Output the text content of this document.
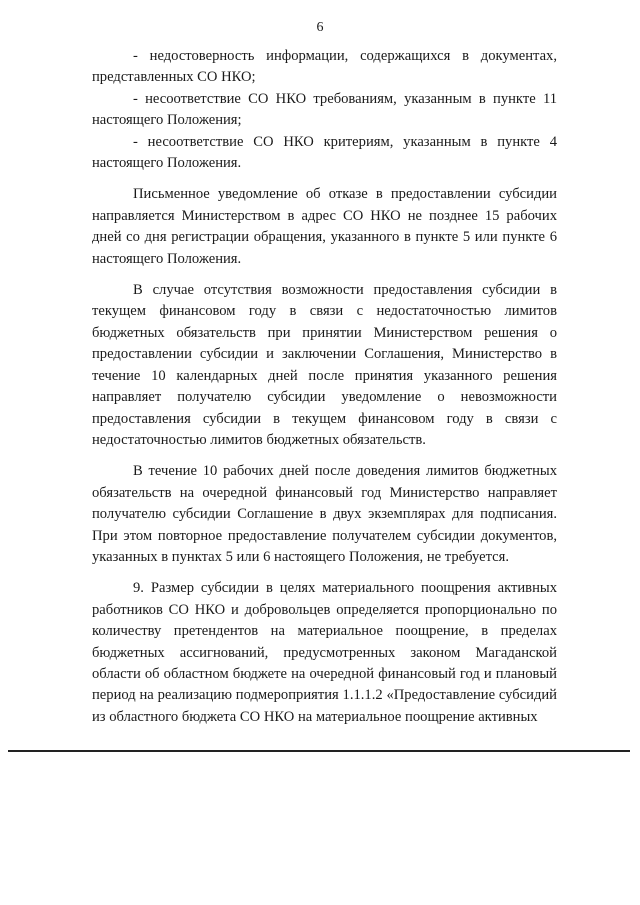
6

- недостоверность информации, содержащихся в документах, представленных СО НКО;

- несоответствие СО НКО требованиям, указанным в пункте 11 настоящего Положения;

- несоответствие СО НКО критериям, указанным в пункте 4 настоящего Положения.

Письменное уведомление об отказе в предоставлении субсидии направляется Министерством в адрес СО НКО не позднее 15 рабочих дней со дня регистрации обращения, указанного в пункте 5 или пункте 6 настоящего Положения.

В случае отсутствия возможности предоставления субсидии в текущем финансовом году в связи с недостаточностью лимитов бюджетных обязательств при принятии Министерством решения о предоставлении субсидии и заключении Соглашения, Министерство в течение 10 календарных дней после принятия указанного решения направляет получателю субсидии уведомление о невозможности предоставления субсидии в текущем финансовом году в связи с недостаточностью лимитов бюджетных обязательств.

В течение 10 рабочих дней после доведения лимитов бюджетных обязательств на очередной финансовый год Министерство направляет получателю субсидии Соглашение в двух экземплярах для подписания. При этом повторное предоставление получателем субсидии документов, указанных в пунктах 5 или 6 настоящего Положения, не требуется.

9. Размер субсидии в целях материального поощрения активных работников СО НКО и добровольцев определяется пропорционально по количеству претендентов на материальное поощрение, в пределах бюджетных ассигнований, предусмотренных законом Магаданской области об областном бюджете на очередной финансовый год и плановый период на реализацию подмероприятия 1.1.1.2 «Предоставление субсидий из областного бюджета СО НКО на материальное поощрение активных
